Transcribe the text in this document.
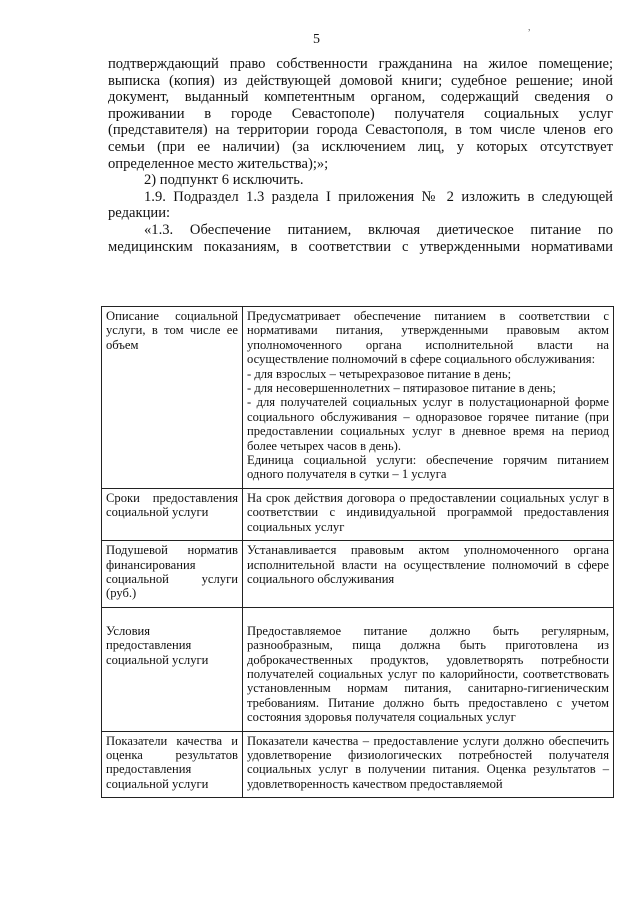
,
5

подтверждающий право собственности гражданина на жилое помещение; выписка (копия) из действующей домовой книги; судебное решение; иной документ, выданный компетентным органом, содержащий сведения о проживании в городе Севастополе) получателя социальных услуг (представителя) на территории города Севастополя, в том числе членов его семьи (при ее наличии) (за исключением лиц, у которых отсутствует определенное место жительства);»;

2) подпункт 6 исключить.

1.9. Подраздел 1.3 раздела I приложения № 2 изложить в следующей редакции:

«1.3. Обеспечение питанием, включая диетическое питание по медицинским показаниям, в соответствии с утвержденными нормативами

Описание социальной услуги, в том числе ее объем	Предусматривает обеспечение питанием в соответствии с нормативами питания, утвержденными правовым актом уполномоченного органа исполнительной власти на осуществление полномочий в сфере социального обслуживания:
- для взрослых – четырехразовое питание в день;
- для несовершеннолетних – пятиразовое питание в день;
- для получателей социальных услуг в полустационарной форме социального обслуживания – одноразовое горячее питание (при предоставлении социальных услуг в дневное время на период более четырех часов в день).
Единица социальной услуги: обеспечение горячим питанием одного получателя в сутки – 1 услуга

Сроки предоставления социальной услуги	На срок действия договора о предоставлении социальных услуг в соответствии с индивидуальной программой предоставления социальных услуг

Подушевой норматив финансирования социальной услуги (руб.)	Устанавливается правовым актом уполномоченного органа исполнительной власти на осуществление полномочий в сфере социального обслуживания

Условия предоставления социальной услуги	Предоставляемое питание должно быть регулярным, разнообразным, пища должна быть приготовлена из доброкачественных продуктов, удовлетворять потребности получателей социальных услуг по калорийности, соответствовать установленным нормам питания, санитарно-гигиеническим требованиям. Питание должно быть предоставлено с учетом состояния здоровья получателя социальных услуг

Показатели качества и оценка результатов предоставления социальной услуги	Показатели качества – предоставление услуги должно обеспечить удовлетворение физиологических потребностей получателя социальных услуг в получении питания. Оценка результатов – удовлетворенность качеством предоставляемой
